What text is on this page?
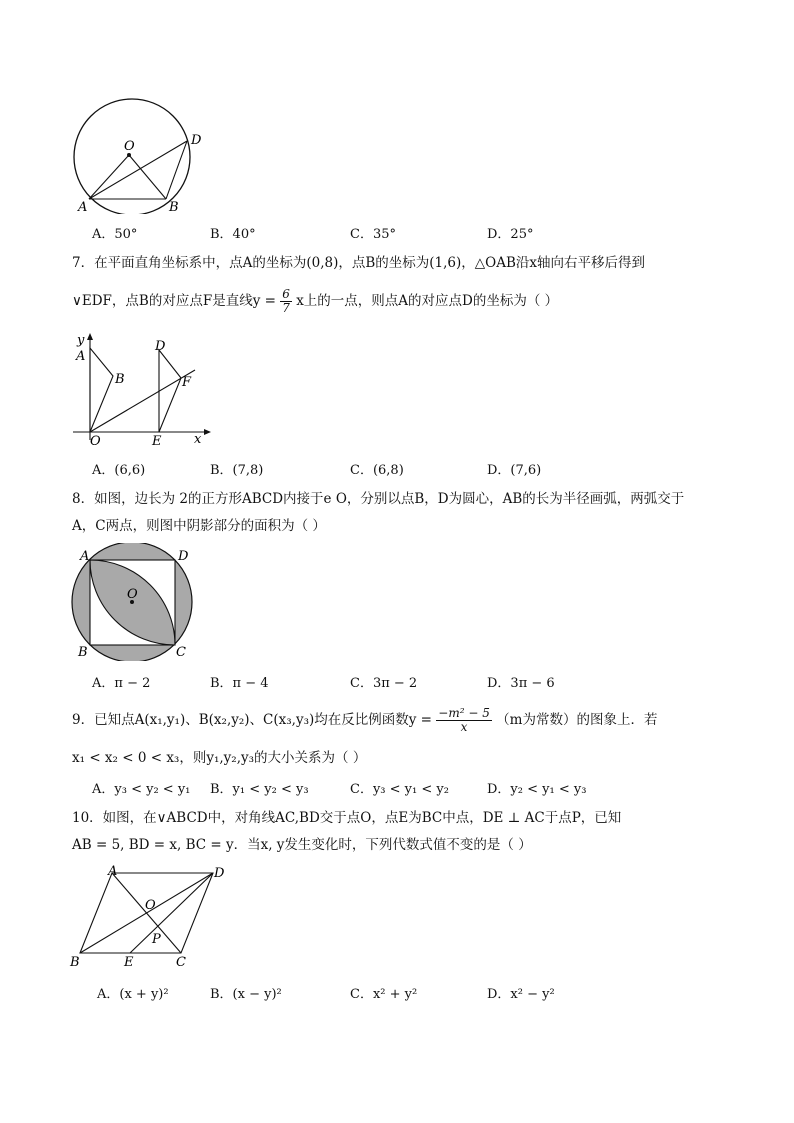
O
A	B
D
A．50°	B．40°	C．35°	D．25°
7．在平面直角坐标系中，点A的坐标为(0,8)，点B的坐标为(1,6)，△OAB沿x轴向右平移后得到
∨EDF，点B的对应点F是直线$y = \frac{6}{7}$ x上的一点，则点A的对应点D的坐标为（ ）
y
A
B
D
F
O	E	x
A．(6,6)	B．(7,8)	C．(6,8)	D．(7,6)
8．如图，边长为 2的正方形ABCD内接于e O，分别以点B，D为圆心，AB的长为半径画弧，两弧交于
A，C两点，则图中阴影部分的面积为（ ）
A	D
O
B	C
A．π − 2	B．π − 4	C．3π − 2	D．3π − 6
9．已知点A(x₁,y₁)、B(x₂,y₂)、C(x₃,y₃)均在反比例函数$y = \frac{\text{−m² − 5}}{x} (m$为常数）的图象上．若
x₁ < x₂ < 0 < x₃，则y₁,y₂,y₃的大小关系为（ ）
A．y₃ < y₂ < y₁ B．y₁ < y₂ < y₃	C．y₃ < y₁ < y₂	D．y₂ < y₁ < y₃
10．如图，在∨ABCD中，对角线AC,BD交于点O，点E为BC中点，DE ⊥ AC于点P，已知
AB = 5, BD = x, BC = y．当x, y发生变化时，下列代数式值不变的是（ ）
A	D
O
P
B	E	C
A．(x + y)²	B．(x − y)²	C．x² + y²	D．x² − y²
